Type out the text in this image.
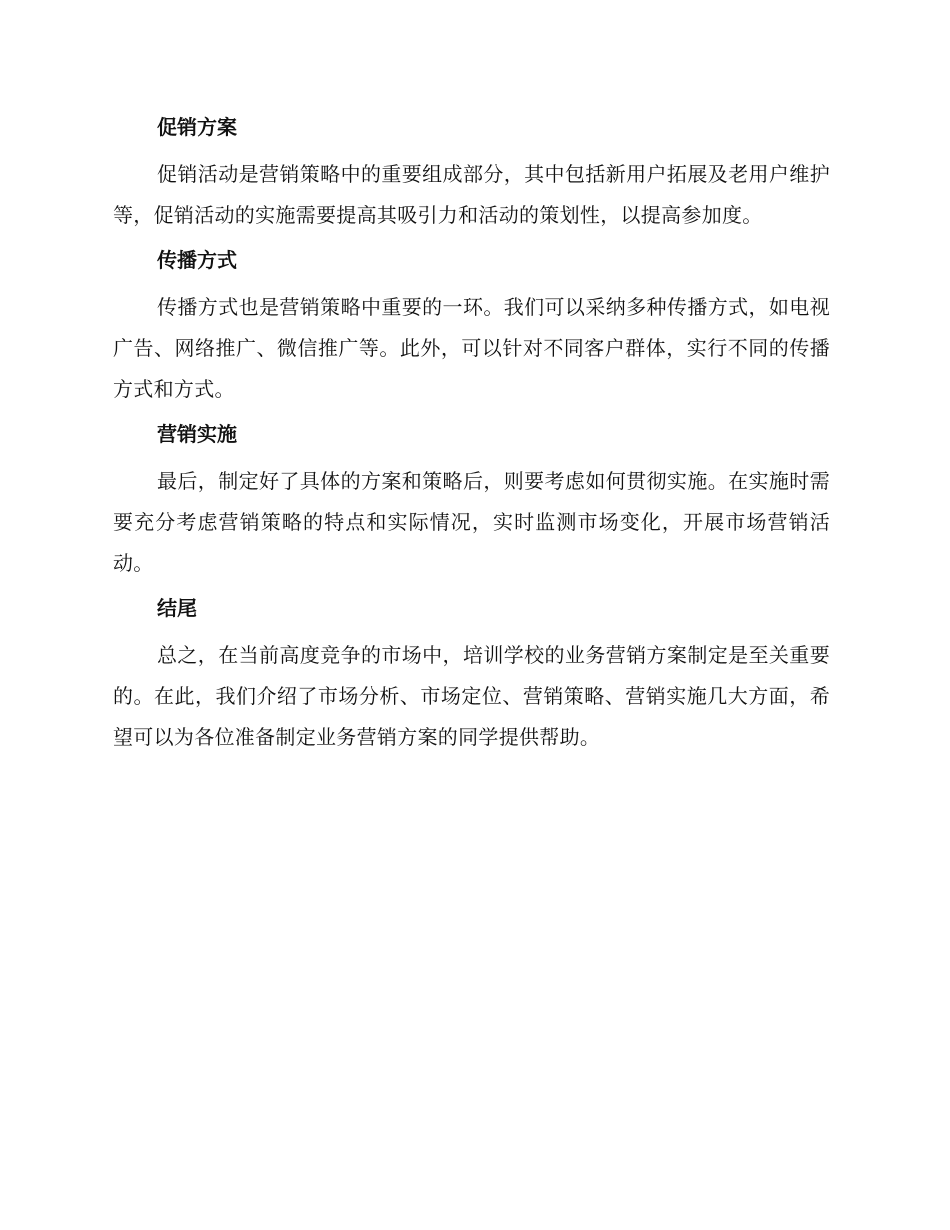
促销方案

促销活动是营销策略中的重要组成部分，其中包括新用户拓展及老用户维护等，促销活动的实施需要提高其吸引力和活动的策划性，以提高参加度。

传播方式

传播方式也是营销策略中重要的一环。我们可以采纳多种传播方式，如电视广告、网络推广、微信推广等。此外，可以针对不同客户群体，实行不同的传播方式和方式。

营销实施

最后，制定好了具体的方案和策略后，则要考虑如何贯彻实施。在实施时需要充分考虑营销策略的特点和实际情况，实时监测市场变化，开展市场营销活动。

结尾

总之，在当前高度竞争的市场中，培训学校的业务营销方案制定是至关重要的。在此，我们介绍了市场分析、市场定位、营销策略、营销实施几大方面，希望可以为各位准备制定业务营销方案的同学提供帮助。
